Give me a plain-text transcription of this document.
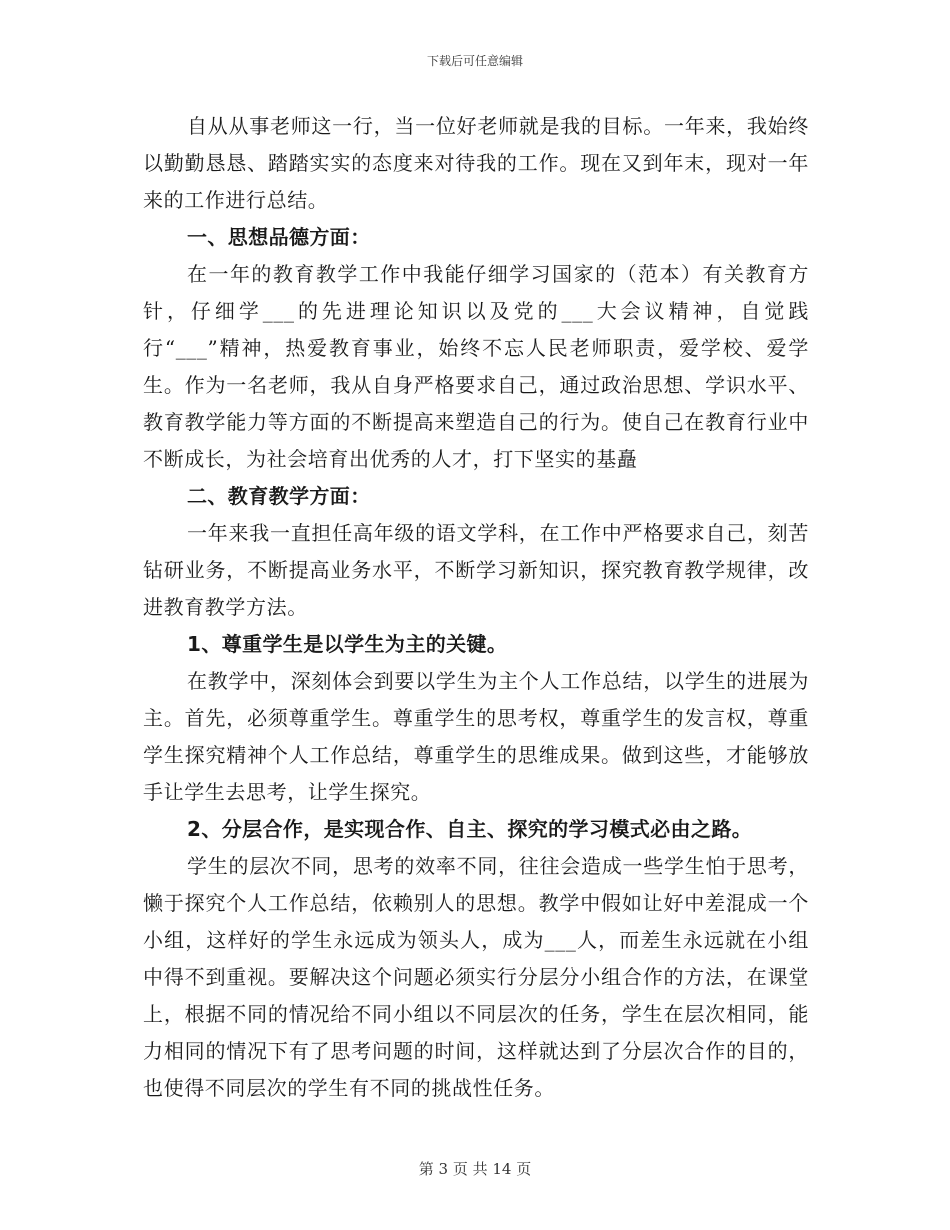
下载后可任意编辑

自从从事老师这一行，当一位好老师就是我的目标。一年来，我始终以勤勤恳恳、踏踏实实的态度来对待我的工作。现在又到年末，现对一年来的工作进行总结。

一、思想品德方面：

在一年的教育教学工作中我能仔细学习国家的（范本）有关教育方针，仔细学___的先进理论知识以及党的___大会议精神，自觉践行“___”精神，热爱教育事业，始终不忘人民老师职责，爱学校、爱学生。作为一名老师，我从自身严格要求自己，通过政治思想、学识水平、教育教学能力等方面的不断提高来塑造自己的行为。使自己在教育行业中不断成长，为社会培育出优秀的人才，打下坚实的基矗

二、教育教学方面：

一年来我一直担任高年级的语文学科，在工作中严格要求自己，刻苦钻研业务，不断提高业务水平，不断学习新知识，探究教育教学规律，改进教育教学方法。

1、尊重学生是以学生为主的关键。

在教学中，深刻体会到要以学生为主个人工作总结，以学生的进展为主。首先，必须尊重学生。尊重学生的思考权，尊重学生的发言权，尊重学生探究精神个人工作总结，尊重学生的思维成果。做到这些，才能够放手让学生去思考，让学生探究。

2、分层合作，是实现合作、自主、探究的学习模式必由之路。

学生的层次不同，思考的效率不同，往往会造成一些学生怕于思考，懒于探究个人工作总结，依赖别人的思想。教学中假如让好中差混成一个小组，这样好的学生永远成为领头人，成为___人，而差生永远就在小组中得不到重视。要解决这个问题必须实行分层分小组合作的方法，在课堂上，根据不同的情况给不同小组以不同层次的任务，学生在层次相同，能力相同的情况下有了思考问题的时间，这样就达到了分层次合作的目的，也使得不同层次的学生有不同的挑战性任务。

第 3 页 共 14 页
